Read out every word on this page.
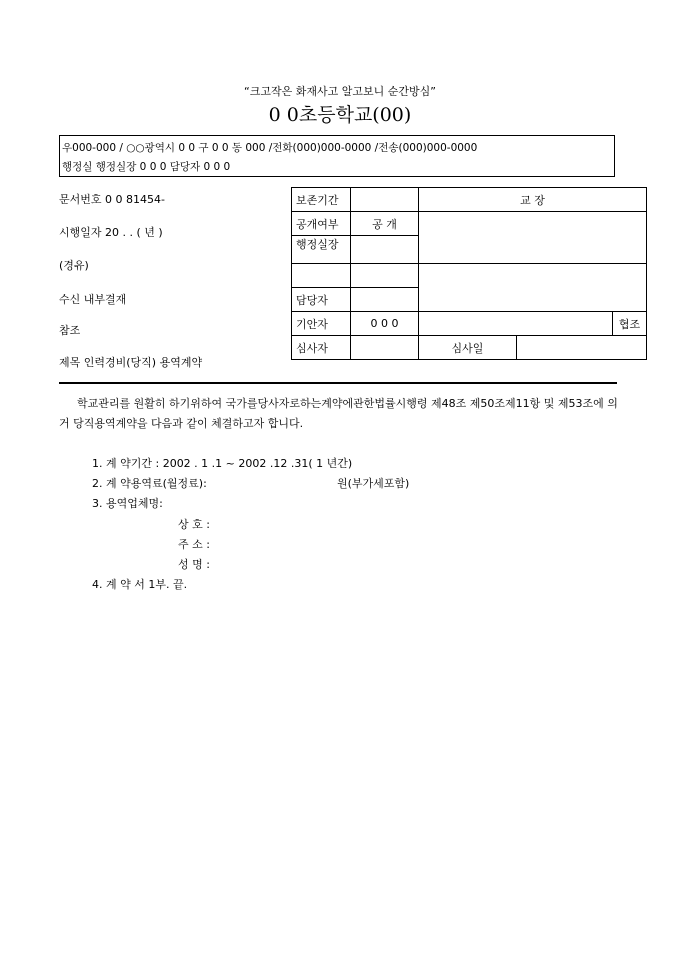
“크고작은 화재사고 알고보니 순간방심”
0 0초등학교(00)
우000-000 / ○○광역시 0 0 구 0 0 동 000 /전화(000)000-0000 /전송(000)000-0000
행정실 행정실장 0 0 0 담당자 0 0 0
문서번호 0 0 81454-
시행일자 20 . . ( 년 )
(경유)
수신 내부결재
참조
제목 인력경비(당직) 용역계약
보존기간		교 장		
공개여부	공 개			
행정실장				

담당자				
기안자	0 0 0			협조
심사자		심사일		
학교관리를 원활히 하기위하여 국가를당사자로하는계약에관한법률시행령 제48조 제50조제11항 및 제53조에 의거 당직용역계약을 다음과 같이 체결하고자 합니다.
1. 계 약기간 : 2002 . 1 .1 ~ 2002 .12 .31( 1 년간)
2. 계 약용역료(월정료):	원(부가세포함)
3. 용역업체명:
상 호 :
주 소 :
성 명 :
4. 계 약 서 1부. 끝.
